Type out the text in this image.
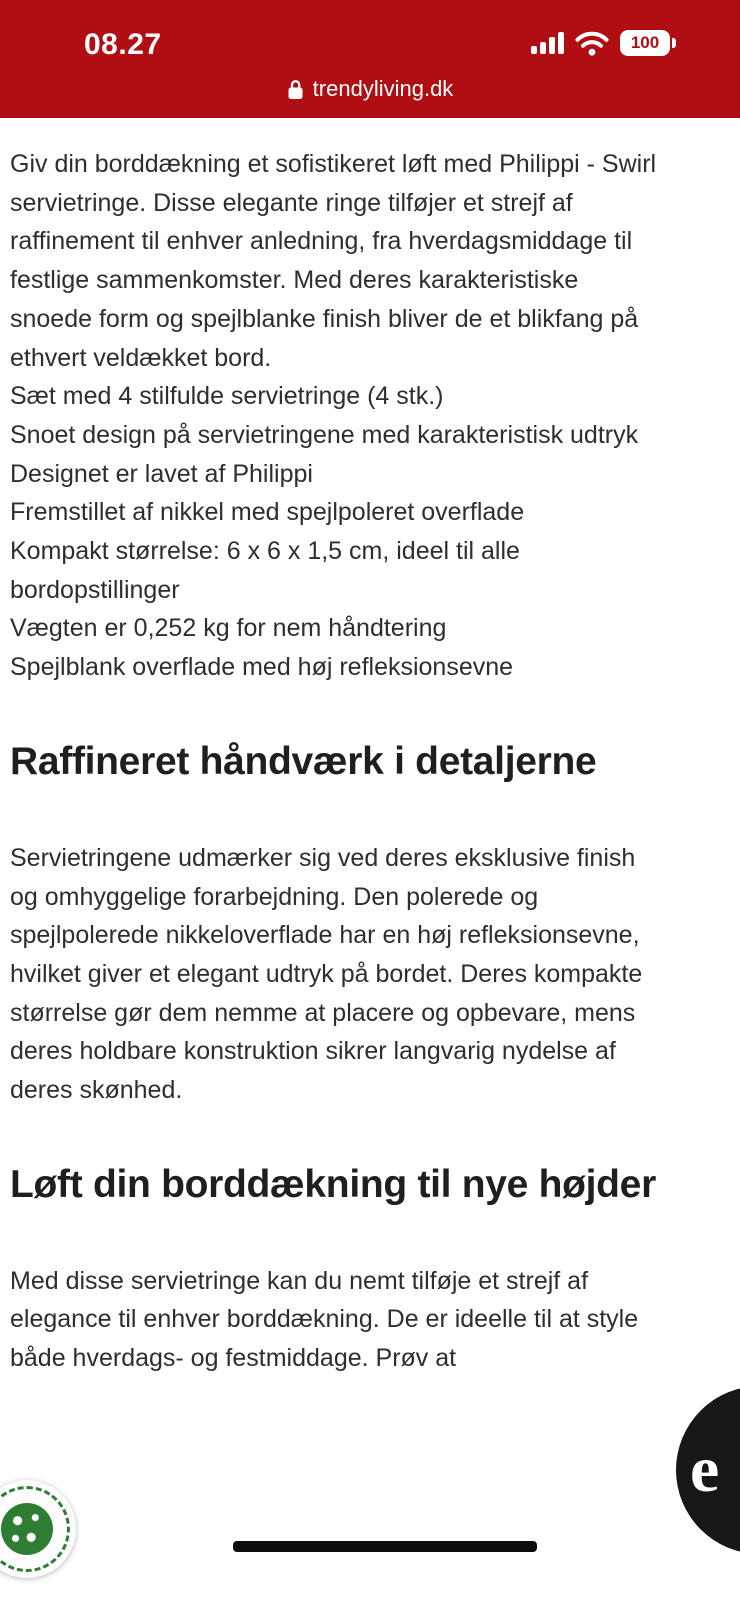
08.27	100
trendyliving.dk

Giv din borddækning et sofistikeret løft med Philippi - Swirl servietringe. Disse elegante ringe tilføjer et strejf af raffinement til enhver anledning, fra hverdagsmiddage til festlige sammenkomster. Med deres karakteristiske snoede form og spejlblanke finish bliver de et blikfang på ethvert veldækket bord.

Sæt med 4 stilfulde servietringe (4 stk.)
Snoet design på servietringene med karakteristisk udtryk
Designet er lavet af Philippi
Fremstillet af nikkel med spejlpoleret overflade
Kompakt størrelse: 6 x 6 x 1,5 cm, ideel til alle bordopstillinger
Vægten er 0,252 kg for nem håndtering
Spejlblank overflade med høj refleksionsevne
Raffineret håndværk i detaljerne

Servietringene udmærker sig ved deres eksklusive finish og omhyggelige forarbejdning. Den polerede og spejlpolerede nikkeloverflade har en høj refleksionsevne, hvilket giver et elegant udtryk på bordet. Deres kompakte størrelse gør dem nemme at placere og opbevare, mens deres holdbare konstruktion sikrer langvarig nydelse af deres skønhed.

Løft din borddækning til nye højder

Med disse servietringe kan du nemt tilføje et strejf af elegance til enhver borddækning. De er ideelle til at style både hverdags- og festmiddage. Prøv at

e
